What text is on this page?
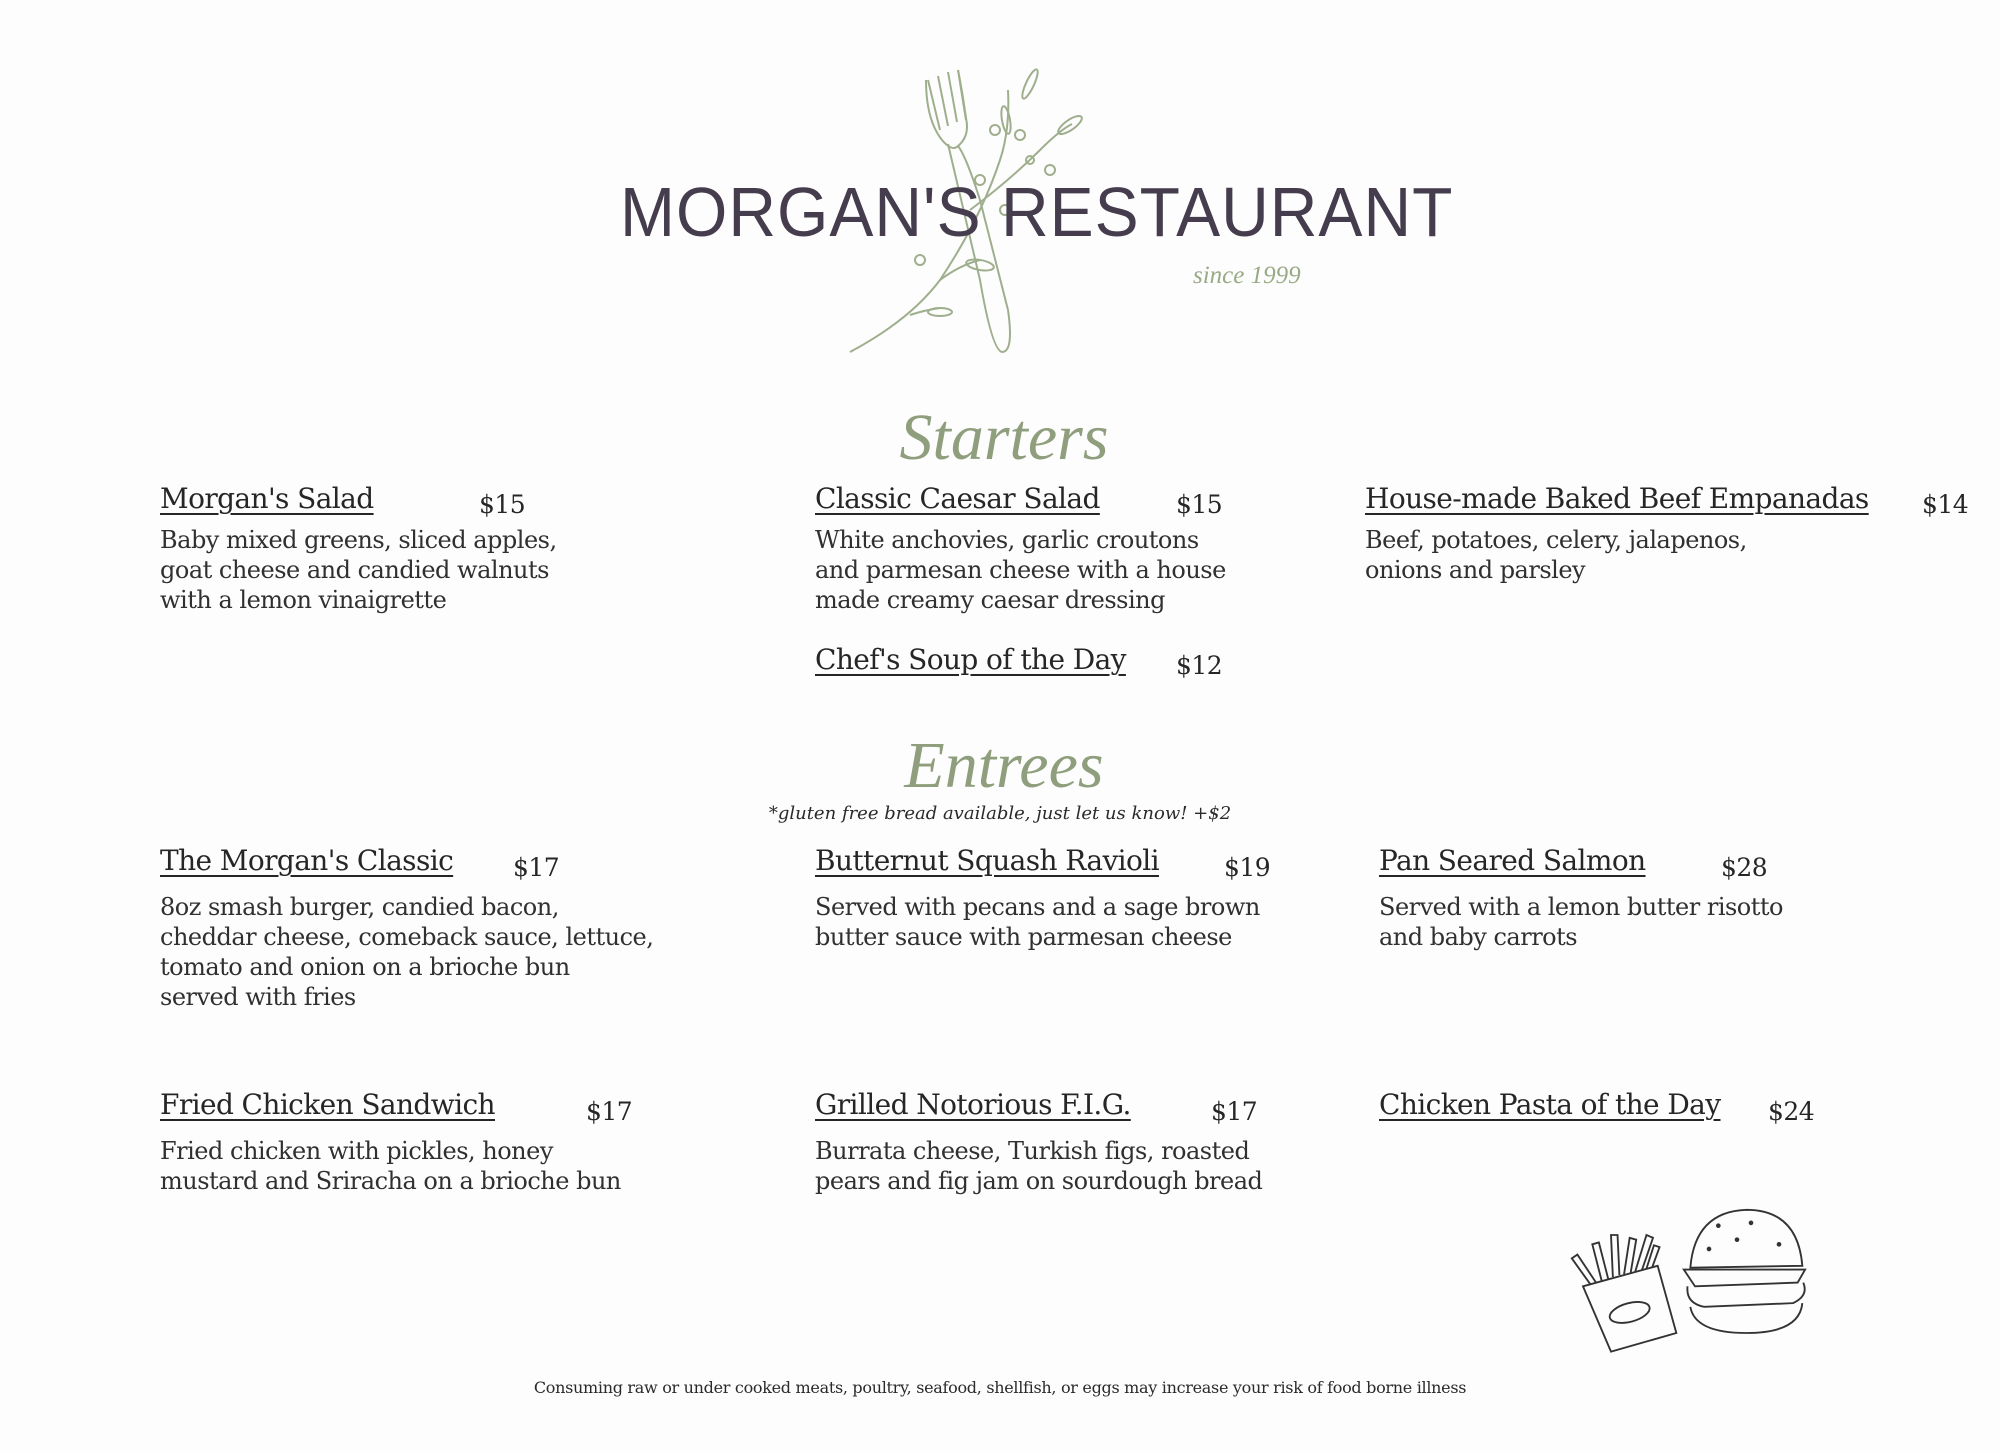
MORGAN'S RESTAURANT
since 1999
Starters
Morgan's Salad	$15
Baby mixed greens, sliced apples,
goat cheese and candied walnuts
with a lemon vinaigrette
Classic Caesar Salad	$15
White anchovies, garlic croutons
and parmesan cheese with a house
made creamy caesar dressing
House-made Baked Beef Empanadas $14
Beef, potatoes, celery, jalapenos,
onions and parsley
Chef's Soup of the Day $12
Entrees
*gluten free bread available, just let us know! +$2
The Morgan's Classic $17
8oz smash burger, candied bacon,
cheddar cheese, comeback sauce, lettuce,
tomato and onion on a brioche bun
served with fries
Butternut Squash Ravioli	$19
Served with pecans and a sage brown
butter sauce with parmesan cheese
Pan Seared Salmon	$28
Served with a lemon butter risotto
and baby carrots
Fried Chicken Sandwich	$17
Fried chicken with pickles, honey
mustard and Sriracha on a brioche bun
Grilled Notorious F.I.G.	$17
Burrata cheese, Turkish figs, roasted
pears and fig jam on sourdough bread
Chicken Pasta of the Day $24
Consuming raw or under cooked meats, poultry, seafood, shellfish, or eggs may increase your risk of food borne illness
